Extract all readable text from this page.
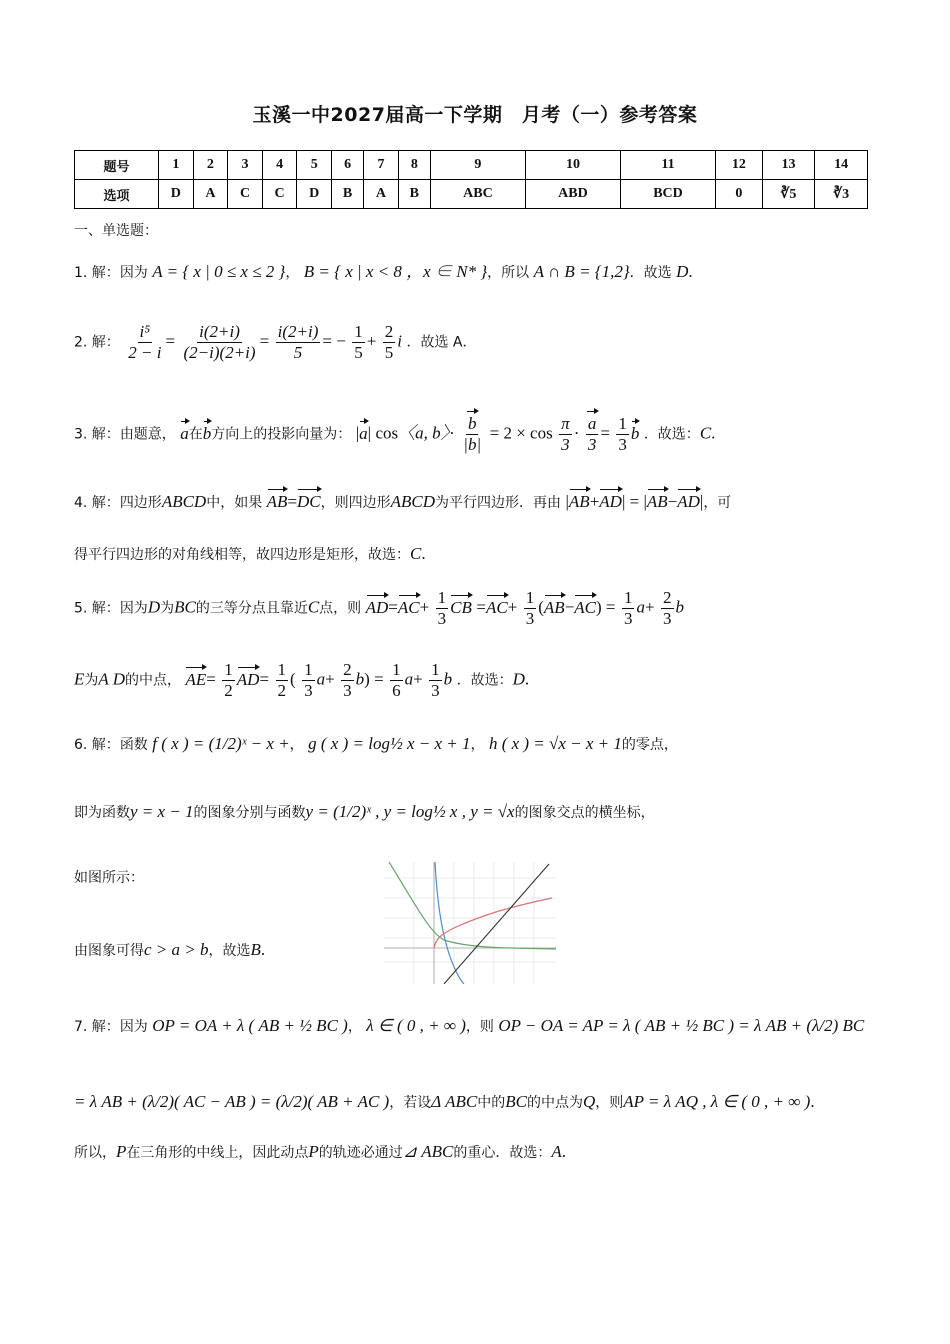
玉溪一中2027届高一下学期　月考（一）参考答案
题号	1	2	3	4	5	6	7	8	9	10	11	12	13	14
选项	D	A	C	C	D	B	A	B	ABC	ABD	BCD	0	∛5	∛3
一、单选题：
1. 解：因为 A = { x | 0 ≤ x ≤ 2 }， B = { x | x < 8 ，x ∈ N* }，所以 A ∩ B = {1,2}．故选 D.
2. 解： $\frac{\text{i⁵}}{2 - i} = \frac{i(2+i)}{(2-i)(2+i)} = \frac{i(2+i)}{5}$ = − $\frac{1}{5} + \frac{2}{5}$ i ．故选 A．
3. 解：由题意， a在b方向上的投影向量为： |a| cos〈a, b〉· $\frac{b}{|b|} = 2 \times \cos \frac{\pi}{3} \cdot \frac{a}{3} = \frac{1}{3}$ b ．故选：C.
4. 解：四边形ABCD中，如果 AB=DC，则四边形ABCD为平行四边形．再由 |AB+AD| = |AB−AD|，可
得平行四边形的对角线相等，故四边形是矩形，故选：C.
5. 解：因为D为BC的三等分点且靠近C点，则 $AD=AC+ \frac{1}{3}$ CB $=AC+ \frac{1}{3} (AB-AC) = \frac{1}{3} a+ \frac{2}{3}$ b
E为A D的中点， $AE= \frac{1}{2} AD= \frac{1}{2}$ ( $\frac{1}{3} a+ \frac{2}{3} b) = \frac{1}{6} a+ \frac{1}{3}$ b ．故选：D.
6. 解：函数 f ( x ) = (1/2)ˣ − x +， g ( x ) = log½ x − x + 1， h ( x ) = √x − x + 1的零点，
即为函数y = x − 1的图象分别与函数y = (1/2)ˣ , y = log½ x , y = √x的图象交点的横坐标，
如图所示：
由图象可得c > a > b，故选B.
7. 解：因为 OP = OA + λ ( AB + ½ BC )， λ ∈ ( 0 , + ∞ )，则 OP − OA = AP = λ ( AB + ½ BC ) = λ AB + (λ/2) BC
= λ AB + (λ/2)( AC − AB ) = (λ/2)( AB + AC )，若设Δ ABC中的BC的中点为Q，则AP = λ AQ , λ ∈ ( 0 , + ∞ ).
所以，P在三角形的中线上，因此动点P的轨迹必通过⊿ ABC的重心．故选：A.
